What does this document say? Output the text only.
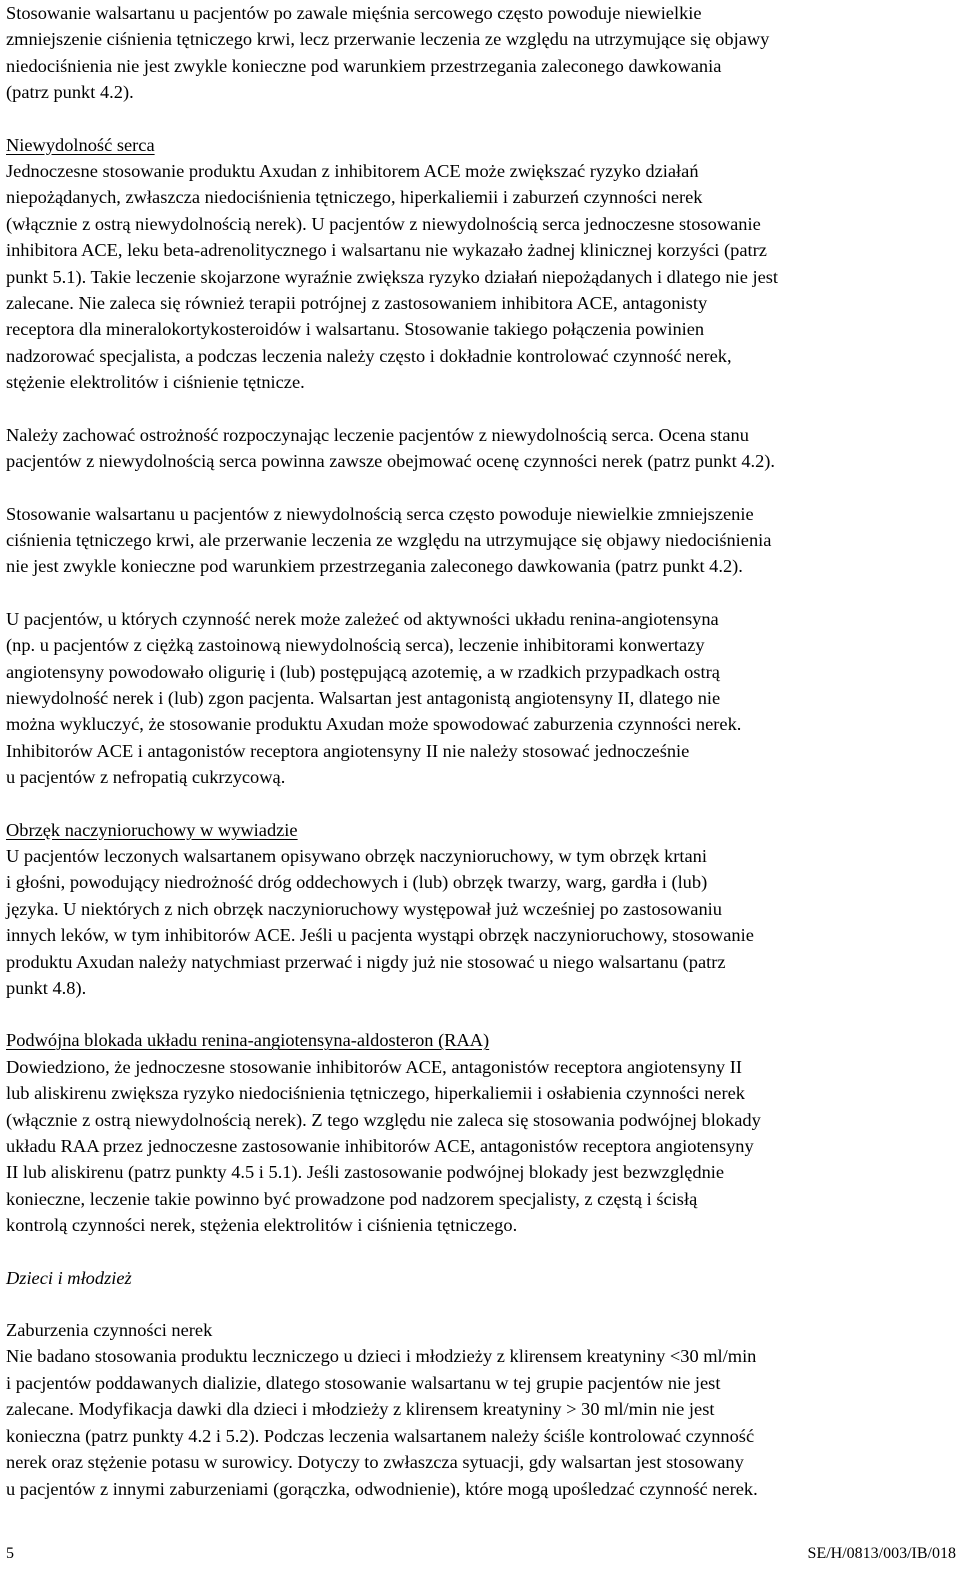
Stosowanie walsartanu u pacjentów po zawale mięśnia sercowego często powoduje niewielkie
zmniejszenie ciśnienia tętniczego krwi, lecz przerwanie leczenia ze względu na utrzymujące się objawy
niedociśnienia nie jest zwykle konieczne pod warunkiem przestrzegania zaleconego dawkowania
(patrz punkt 4.2).

Niewydolność serca

Jednoczesne stosowanie produktu Axudan z inhibitorem ACE może zwiększać ryzyko działań
niepożądanych, zwłaszcza niedociśnienia tętniczego, hiperkaliemii i zaburzeń czynności nerek
(włącznie z ostrą niewydolnością nerek). U pacjentów z niewydolnością serca jednoczesne stosowanie
inhibitora ACE, leku beta-adrenolitycznego i walsartanu nie wykazało żadnej klinicznej korzyści (patrz
punkt 5.1). Takie leczenie skojarzone wyraźnie zwiększa ryzyko działań niepożądanych i dlatego nie jest
zalecane. Nie zaleca się również terapii potrójnej z zastosowaniem inhibitora ACE, antagonisty
receptora dla mineralokortykosteroidów i walsartanu. Stosowanie takiego połączenia powinien
nadzorować specjalista, a podczas leczenia należy często i dokładnie kontrolować czynność nerek,
stężenie elektrolitów i ciśnienie tętnicze.

Należy zachować ostrożność rozpoczynając leczenie pacjentów z niewydolnością serca. Ocena stanu
pacjentów z niewydolnością serca powinna zawsze obejmować ocenę czynności nerek (patrz punkt 4.2).

Stosowanie walsartanu u pacjentów z niewydolnością serca często powoduje niewielkie zmniejszenie
ciśnienia tętniczego krwi, ale przerwanie leczenia ze względu na utrzymujące się objawy niedociśnienia
nie jest zwykle konieczne pod warunkiem przestrzegania zaleconego dawkowania (patrz punkt 4.2).

U pacjentów, u których czynność nerek może zależeć od aktywności układu renina-angiotensyna
(np. u pacjentów z ciężką zastoinową niewydolnością serca), leczenie inhibitorami konwertazy
angiotensyny powodowało oligurię i (lub) postępującą azotemię, a w rzadkich przypadkach ostrą
niewydolność nerek i (lub) zgon pacjenta. Walsartan jest antagonistą angiotensyny II, dlatego nie
można wykluczyć, że stosowanie produktu Axudan może spowodować zaburzenia czynności nerek.
Inhibitorów ACE i antagonistów receptora angiotensyny II nie należy stosować jednocześnie
u pacjentów z nefropatią cukrzycową.

Obrzęk naczynioruchowy w wywiadzie

U pacjentów leczonych walsartanem opisywano obrzęk naczynioruchowy, w tym obrzęk krtani
i głośni, powodujący niedrożność dróg oddechowych i (lub) obrzęk twarzy, warg, gardła i (lub)
języka. U niektórych z nich obrzęk naczynioruchowy występował już wcześniej po zastosowaniu
innych leków, w tym inhibitorów ACE. Jeśli u pacjenta wystąpi obrzęk naczynioruchowy, stosowanie
produktu Axudan należy natychmiast przerwać i nigdy już nie stosować u niego walsartanu (patrz
punkt 4.8).

Podwójna blokada układu renina-angiotensyna-aldosteron (RAA)

Dowiedziono, że jednoczesne stosowanie inhibitorów ACE, antagonistów receptora angiotensyny II
lub aliskirenu zwiększa ryzyko niedociśnienia tętniczego, hiperkaliemii i osłabienia czynności nerek
(włącznie z ostrą niewydolnością nerek). Z tego względu nie zaleca się stosowania podwójnej blokady
układu RAA przez jednoczesne zastosowanie inhibitorów ACE, antagonistów receptora angiotensyny
II lub aliskirenu (patrz punkty 4.5 i 5.1). Jeśli zastosowanie podwójnej blokady jest bezwzględnie
konieczne, leczenie takie powinno być prowadzone pod nadzorem specjalisty, z częstą i ścisłą
kontrolą czynności nerek, stężenia elektrolitów i ciśnienia tętniczego.

Dzieci i młodzież

Zaburzenia czynności nerek

Nie badano stosowania produktu leczniczego u dzieci i młodzieży z klirensem kreatyniny <30 ml/min
i pacjentów poddawanych dializie, dlatego stosowanie walsartanu w tej grupie pacjentów nie jest
zalecane. Modyfikacja dawki dla dzieci i młodzieży z klirensem kreatyniny > 30 ml/min nie jest
konieczna (patrz punkty 4.2 i 5.2). Podczas leczenia walsartanem należy ściśle kontrolować czynność
nerek oraz stężenie potasu w surowicy. Dotyczy to zwłaszcza sytuacji, gdy walsartan jest stosowany
u pacjentów z innymi zaburzeniami (gorączka, odwodnienie), które mogą upośledzać czynność nerek.

5	SE/H/0813/003/IB/018
